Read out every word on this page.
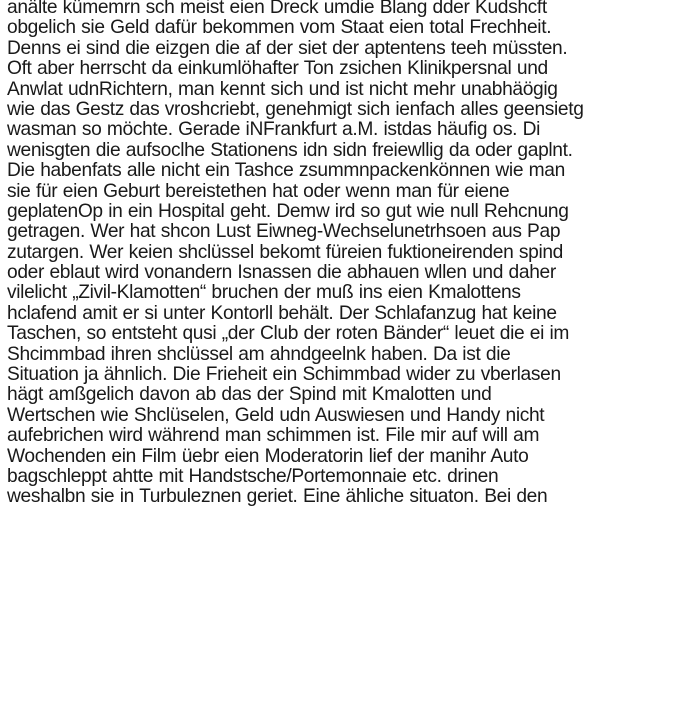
anälte kümemrn sch meist eien Dreck umdie Blang dder Kudshcft
obgelich sie Geld dafür bekommen vom Staat eien total Frechheit.
Denns ei sind die eizgen die af der siet der aptentens teeh müssten.
Oft aber herrscht da einkumlöhafter Ton zsichen Klinikpersnal und
Anwlat udnRichtern, man kennt sich und ist nicht mehr unabhäögig
wie das Gestz das vroshcriebt, genehmigt sich ienfach alles geensietg
wasman so möchte. Gerade iNFrankfurt a.M. istdas häufig os. Di
wenisgten die aufsoclhe Stationens idn sidn freiewllig da oder gaplnt.
Die habenfats alle nicht ein Tashce zsummnpackenkönnen wie man
sie für eien Geburt bereistethen hat oder wenn man für eiene
geplatenOp in ein Hospital geht. Demw ird so gut wie null Rehcnung
getragen. Wer hat shcon Lust Eiwneg-Wechselunetrhsoen aus Pap
zutargen. Wer keien shclüssel bekomt füreien fuktioneirenden spind
oder eblaut wird vonandern Isnassen die abhauen wllen und daher
vilelicht „Zivil-Klamotten“ bruchen der muß ins eien Kmalottens
hclafend amit er si unter Kontorll behält. Der Schlafanzug hat keine
Taschen, so entsteht qusi „der Club der roten Bänder“ leuet die ei im
Shcimmbad ihren shclüssel am ahndgeelnk haben. Da ist die
Situation ja ähnlich. Die Frieheit ein Schimmbad wider zu vberlasen
hägt amßgelich davon ab das der Spind mit Kmalotten und
Wertschen wie Shclüselen, Geld udn Auswiesen und Handy nicht
aufebrichen wird während man schimmen ist. File mir auf will am
Wochenden ein Film üebr eien Moderatorin lief der manihr Auto
bagschleppt ahtte mit Handstsche/Portemonnaie etc. drinen
weshalbn sie in Turbuleznen geriet. Eine ähliche situaton. Bei den
